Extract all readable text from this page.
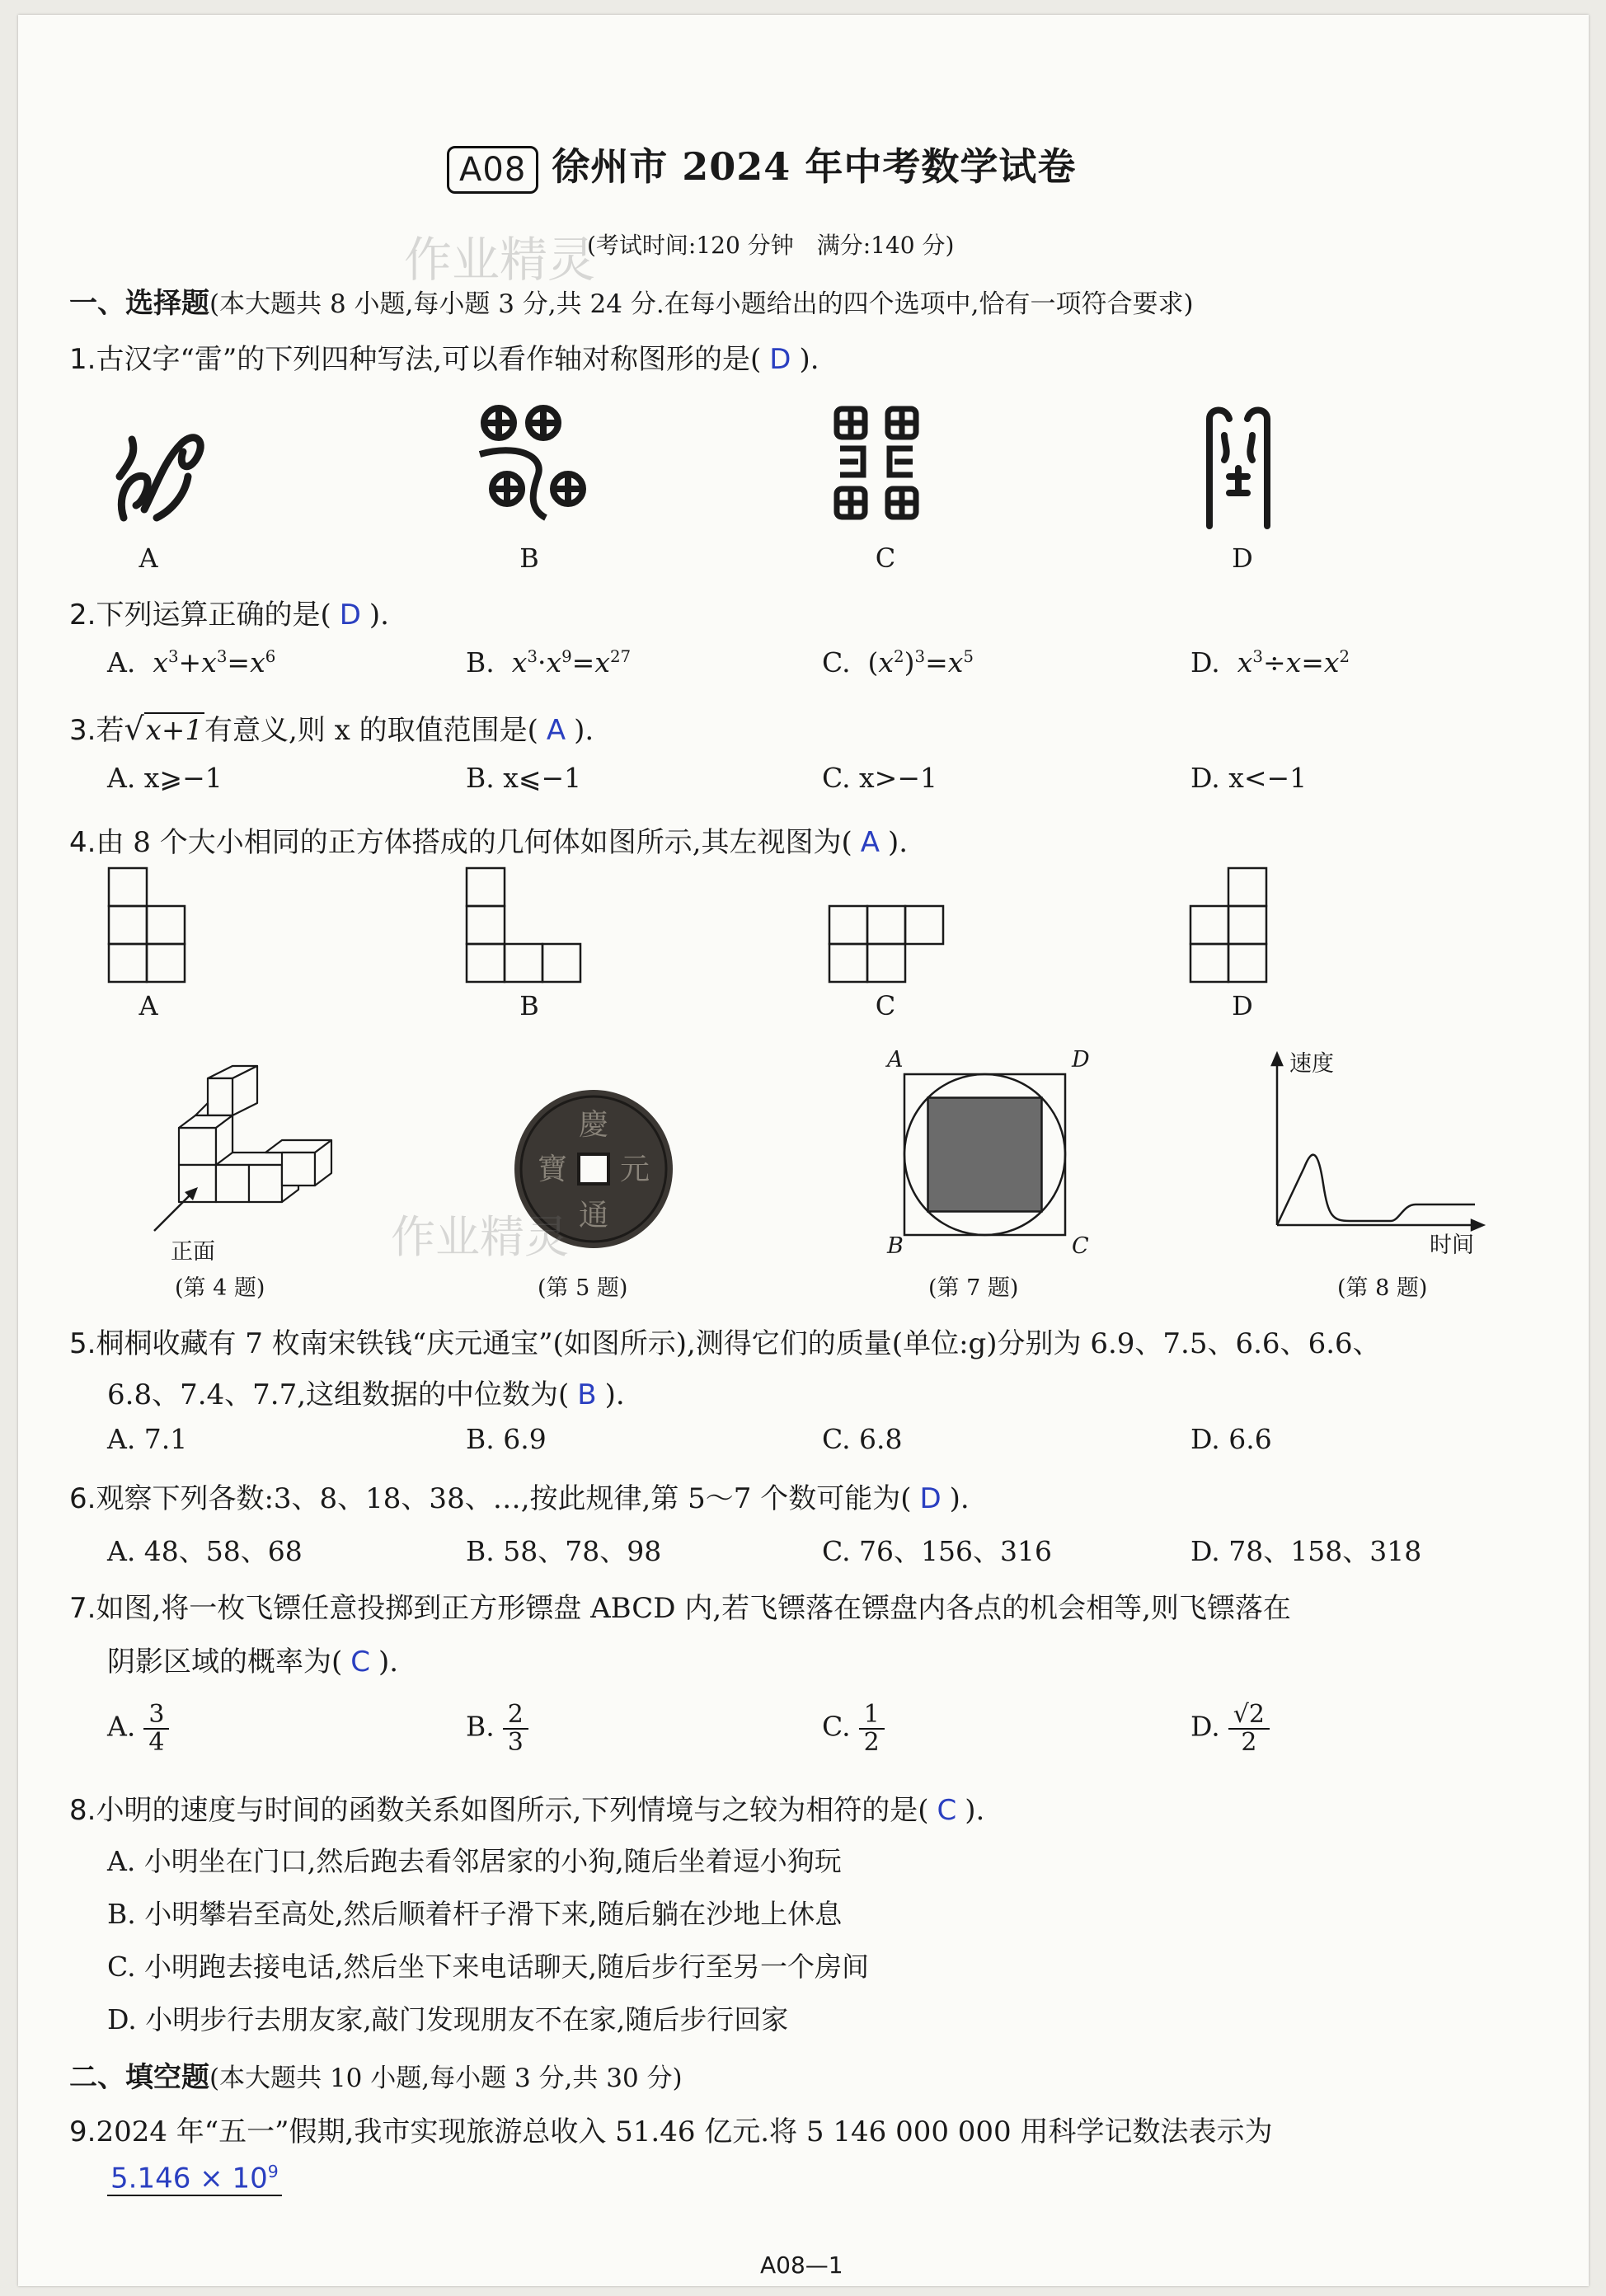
A08 徐州市 2024 年中考数学试卷
(考试时间:120 分钟　满分:140 分)
作业精灵
一、选择题(本大题共 8 小题,每小题 3 分,共 24 分.在每小题给出的四个选项中,恰有一项符合要求)
1.古汉字“雷”的下列四种写法,可以看作轴对称图形的是( D ).
A	B	C	D
2.下列运算正确的是( D ).
A.  $x^3+x^3=x^6$	B.  $x^3\cdot x^9=x^{27}$	C.  $(x^2)^3=x^5$	D.  $x^3\div x=x^2$
3.若√x+1有意义,则 x 的取值范围是( A ).
A. x⩾−1	B. x⩽−1	C. x>−1	D. x<−1
4.由 8 个大小相同的正方体搭成的几何体如图所示,其左视图为( A ).
A	B	C	D
正面
(第 4 题)
慶
元
通
寶
作业精灵
(第 5 题)
A	D
B	C
(第 7 题)
速度
时间
(第 8 题)
5.桐桐收藏有 7 枚南宋铁钱“庆元通宝”(如图所示),测得它们的质量(单位:g)分别为 6.9、7.5、6.6、6.6、
6.8、7.4、7.7,这组数据的中位数为( B ).
A. 7.1	B. 6.9	C. 6.8	D. 6.6
6.观察下列各数:3、8、18、38、…,按此规律,第 5～7 个数可能为( D ).
A. 48、58、68	B. 58、78、98	C. 76、156、316	D. 78、158、318
7.如图,将一枚飞镖任意投掷到正方形镖盘 ABCD 内,若飞镖落在镖盘内各点的机会相等,则飞镖落在
阴影区域的概率为( C ).
A. $\frac{3}{4}$	B. $\frac{2}{3}$	C. $\frac{1}{2}$	D. $\frac{√2}{2}$
8.小明的速度与时间的函数关系如图所示,下列情境与之较为相符的是( C ).
A. 小明坐在门口,然后跑去看邻居家的小狗,随后坐着逗小狗玩
B. 小明攀岩至高处,然后顺着杆子滑下来,随后躺在沙地上休息
C. 小明跑去接电话,然后坐下来电话聊天,随后步行至另一个房间
D. 小明步行去朋友家,敲门发现朋友不在家,随后步行回家
二、填空题(本大题共 10 小题,每小题 3 分,共 30 分)
9.2024 年“五一”假期,我市实现旅游总收入 51.46 亿元.将 5 146 000 000 用科学记数法表示为
$5.146 \times 10^9$
A08—1
